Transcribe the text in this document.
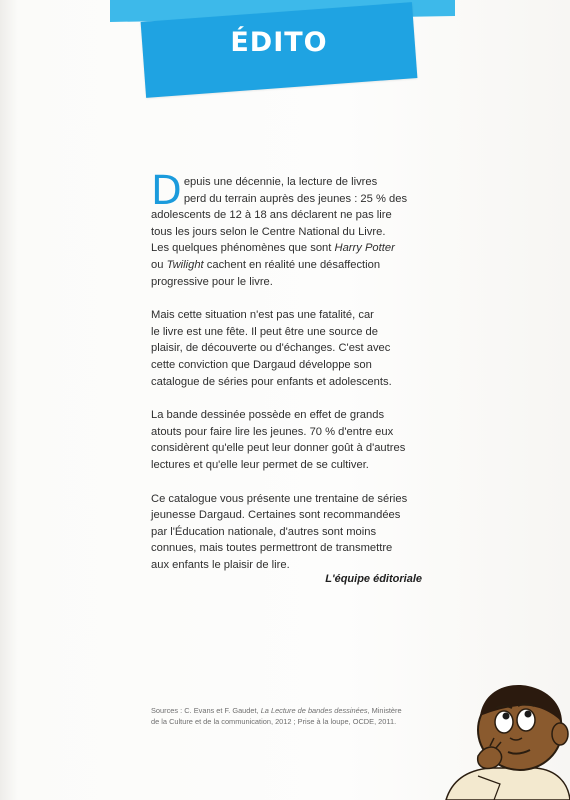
ÉDITO
D epuis une décennie, la lecture de livres
perd du terrain auprès des jeunes : 25 % des
adolescents de 12 à 18 ans déclarent ne pas lire
tous les jours selon le Centre National du Livre.
Les quelques phénomènes que sont Harry Potter
ou Twilight cachent en réalité une désaffection
progressive pour le livre.
Mais cette situation n'est pas une fatalité, car
le livre est une fête. Il peut être une source de
plaisir, de découverte ou d'échanges. C'est avec
cette conviction que Dargaud développe son
catalogue de séries pour enfants et adolescents.
La bande dessinée possède en effet de grands
atouts pour faire lire les jeunes. 70 % d'entre eux
considèrent qu'elle peut leur donner goût à d'autres
lectures et qu'elle leur permet de se cultiver.
Ce catalogue vous présente une trentaine de séries
jeunesse Dargaud. Certaines sont recommandées
par l'Éducation nationale, d'autres sont moins
connues, mais toutes permettront de transmettre
aux enfants le plaisir de lire.
L'équipe éditoriale
Sources : C. Evans et F. Gaudet, La Lecture de bandes dessinées, Ministère
de la Culture et de la communication, 2012 ; Prise à la loupe, OCDE, 2011.
